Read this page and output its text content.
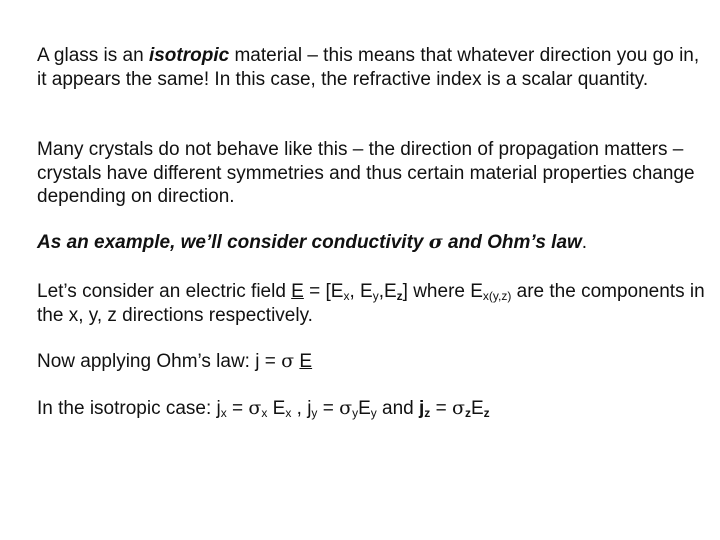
A glass is an isotropic material – this means that whatever direction you go in, it appears the same! In this case, the refractive index is a scalar quantity.

Many crystals do not behave like this – the direction of propagation matters – crystals have different symmetries and thus certain material properties change depending on direction.

As an example, we’ll consider conductivity σ and Ohm’s law.

Let’s consider an electric field $E = [E_x$, $E_y,E_z$] where $E_{x(y,z)}$ are the components in the x, y, z directions respectively.

Now applying Ohm’s law: j = σ E

In the isotropic case: $j_x = \sigma_x$ $E_x$ , $j_y = \sigma_yE_y$ and $j_z = \sigma_zE_z$
